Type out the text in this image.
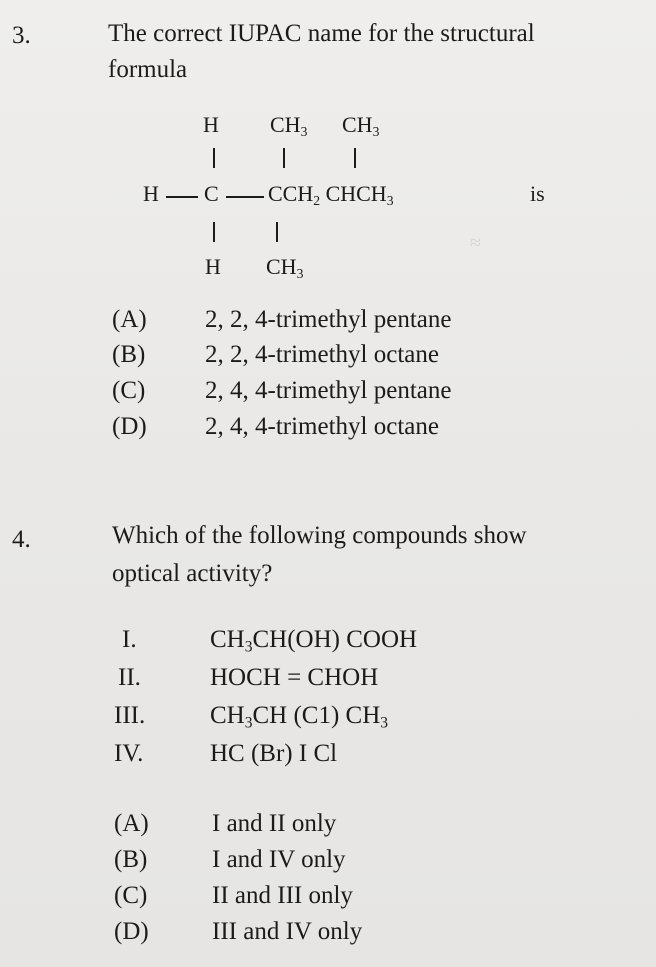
≈
3.	The correct IUPAC name for the structural
formula
H $CH_3$ $CH_3$
H C $CCH_2$ $CHCH_3$	is
H $CH_3$
(A) 2, 2, 4-trimethyl pentane
(B) 2, 2, 4-trimethyl octane
(C) 2, 4, 4-trimethyl pentane
(D) 2, 4, 4-trimethyl octane
4.	Which of the following compounds show
optical activity?
I.	$CH_3CH(OH)$ COOH
II.	HOCH = CHOH
III.	$CH_3CH$ (C1) $CH_3$
IV.	HC (Br) I Cl
(A)	I and II only
(B)	I and IV only
(C)	II and III only
(D)	III and IV only
